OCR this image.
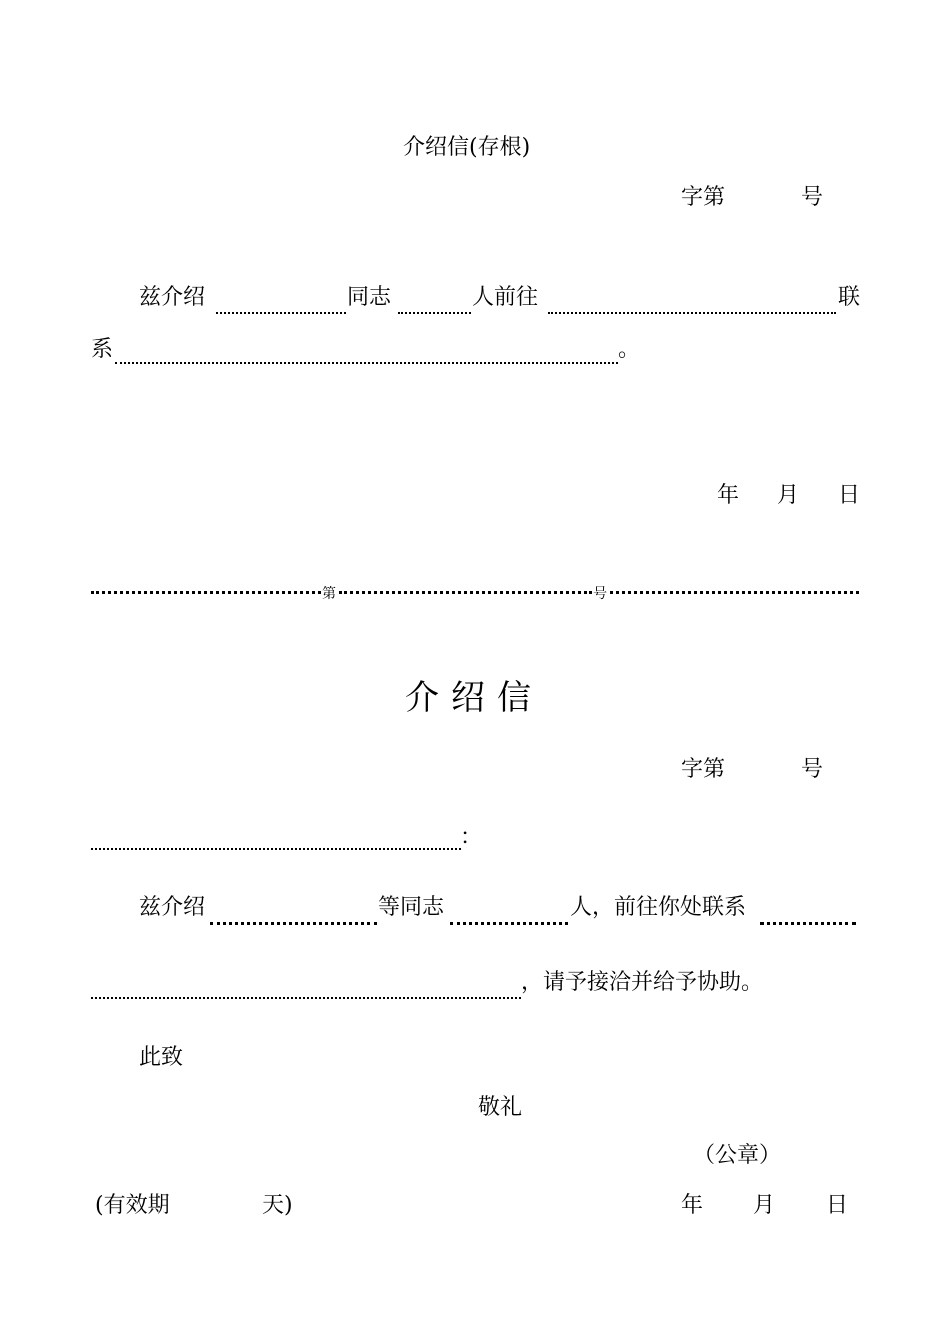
介绍信(存根)
字第	号
兹介绍	同志	人前往	联
系	。
年 月 日
第	号
介绍信
字第	号
：
兹介绍	等同志	人，前往你处联系
，请予接洽并给予协助。
此致
敬礼
（公章）
(有效期	天)	年 月 日
